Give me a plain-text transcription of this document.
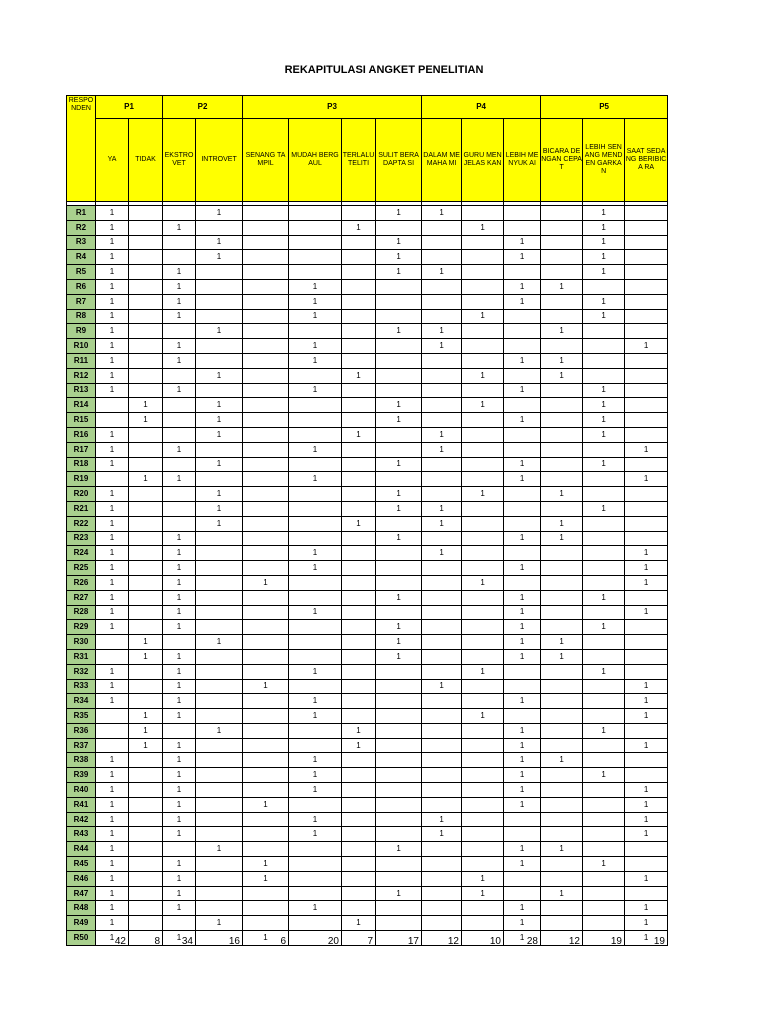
REKAPITULASI ANGKET PENELITIAN
RESPO NDEN	P1		P2		P3				P4			P5		
	YA	TIDAK	EKSTRO VET	INTROVET	SENANG TAMPIL	MUDAH BERGAUL	TERLALU TELITI	SULIT BERADAPTA SI	DALAM MEMAHA MI	GURU MENJELAS KAN	LEBIH MENYUK AI	BICARA DENGAN CEPAT	LEBIH SENANG MENDEN GARKAN	SAAT SEDANG BERIBICA RA

R1	1			1				1	1				1	
R2	1		1				1			1			1	
R3	1			1				1			1		1	
R4	1			1				1			1		1	
R5	1		1					1	1				1	
R6	1		1			1					1	1		
R7	1		1			1					1		1	
R8	1		1			1				1			1	
R9	1			1				1	1			1		
R10	1		1			1			1					1
R11	1		1			1					1	1		
R12	1			1			1			1		1		
R13	1		1			1					1		1	
R14		1		1				1		1			1	
R15		1		1				1			1		1	
R16	1			1			1		1				1	
R17	1		1			1			1					1
R18	1			1				1			1		1	
R19		1	1			1					1			1
R20	1			1				1		1		1		
R21	1			1				1	1				1	
R22	1			1			1		1			1		
R23	1		1					1			1	1		
R24	1		1			1			1					1
R25	1		1			1					1			1
R26	1		1		1					1				1
R27	1		1					1			1		1	
R28	1		1			1					1			1
R29	1		1					1			1		1	
R30		1		1				1			1	1		
R31		1	1					1			1	1		
R32	1		1			1				1			1	
R33	1		1		1				1					1
R34	1		1			1					1			1
R35		1	1			1				1				1
R36		1		1			1				1		1	
R37		1	1				1				1			1
R38	1		1			1					1	1		
R39	1		1			1					1		1	
R40	1		1			1					1			1
R41	1		1		1						1			1
R42	1		1			1			1					1
R43	1		1			1			1					1
R44	1			1				1			1	1		
R45	1		1		1						1		1	
R46	1		1		1					1				1
R47	1		1					1		1		1		
R48	1		1			1					1			1
R49	1			1			1				1			1
R50	1		1		1						1			1
	42	8	34	16	6	20	7	17	12	10	28	12	19	19
